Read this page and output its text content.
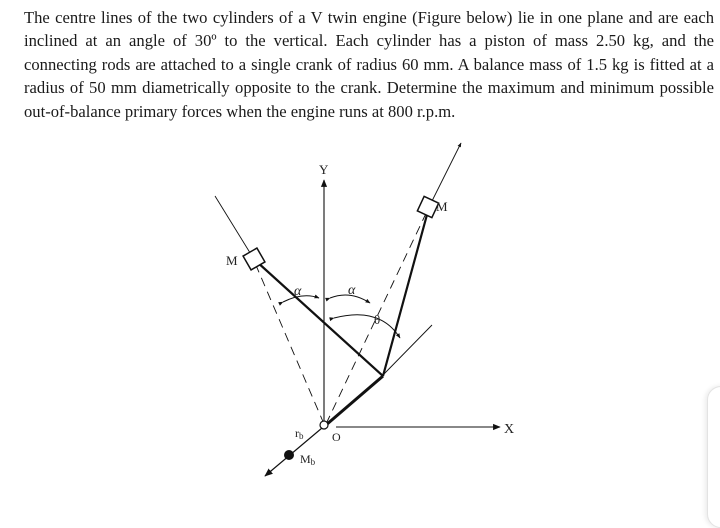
The centre lines of the two cylinders of a V twin engine (Figure below) lie in one plane and are each inclined at an angle of 30º to the vertical. Each cylinder has a piston of mass 2.50 kg, and the connecting rods are attached to a single crank of radius 60 mm. A balance mass of 1.5 kg is fitted at a radius of 50 mm diametrically opposite to the crank. Determine the maximum and minimum possible out-of-balance primary forces when the engine runs at 800 r.p.m.

Y
X
M
M
α	α
θ
rb
Mb
O
